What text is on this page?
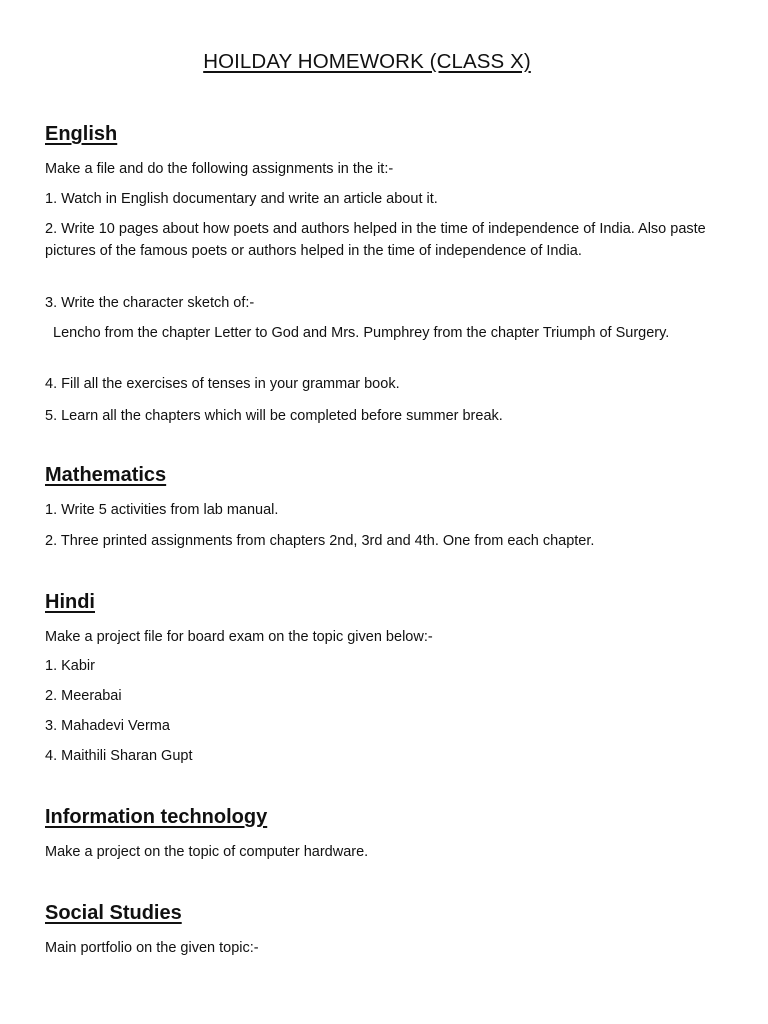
HOILDAY HOMEWORK (CLASS X)
English

Make a file and do the following assignments in the it:-

1. Watch in English documentary and write an article about it.

2. Write 10 pages about how poets and authors helped in the time of independence of India. Also paste pictures of the famous poets or authors helped in the time of independence of India.

3. Write the character sketch of:-

Lencho from the chapter Letter to God and Mrs. Pumphrey from the chapter Triumph of Surgery.

4. Fill all the exercises of tenses in your grammar book.

5. Learn all the chapters which will be completed before summer break.

Mathematics

1. Write 5 activities from lab manual.

2. Three printed assignments from chapters 2nd, 3rd and 4th. One from each chapter.

Hindi

Make a project file for board exam on the topic given below:-

1. Kabir

2. Meerabai

3. Mahadevi Verma

4. Maithili Sharan Gupt

Information technology

Make a project on the topic of computer hardware.

Social Studies

Main portfolio on the given topic:-
